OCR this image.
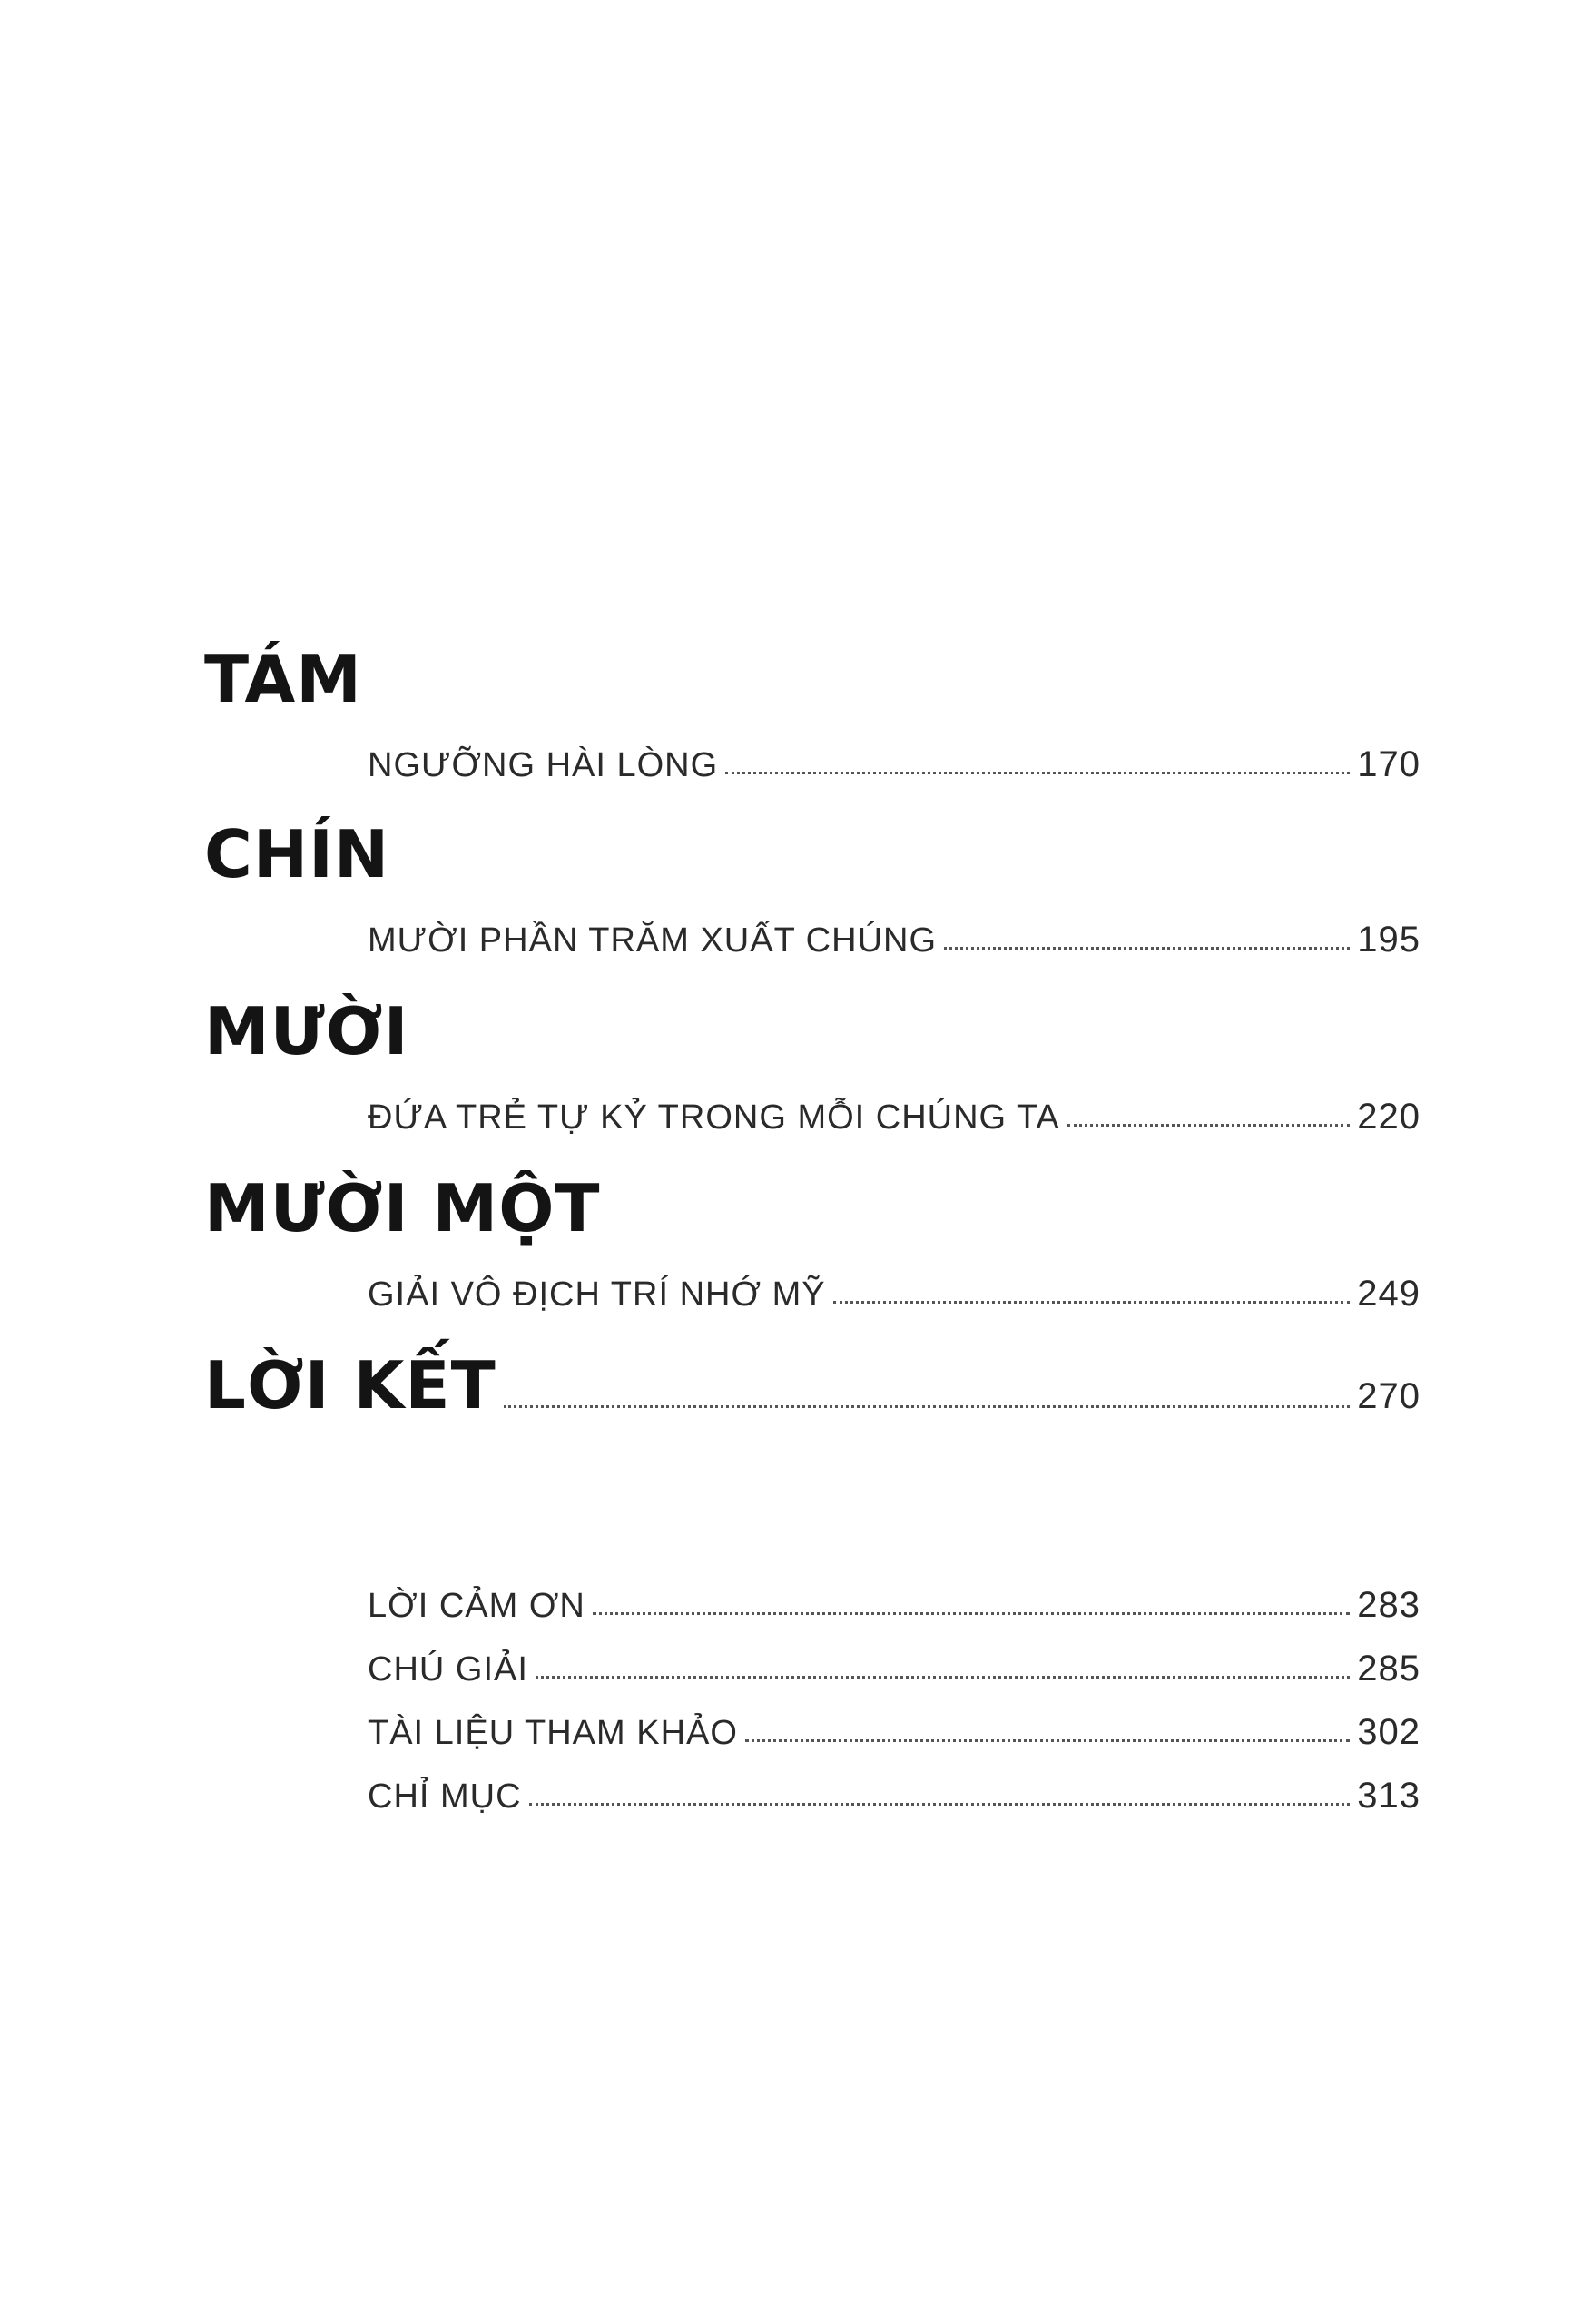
TÁM
NGƯỠNG HÀI LÒNG	170
CHÍN
MƯỜI PHẦN TRĂM XUẤT CHÚNG	195
MƯỜI
ĐỨA TRẺ TỰ KỶ TRONG MỖI CHÚNG TA	220
MƯỜI MỘT
GIẢI VÔ ĐỊCH TRÍ NHỚ MỸ	249
LỜI KẾT	270
LỜI CẢM ƠN	283
CHÚ GIẢI	285
TÀI LIỆU THAM KHẢO	302
CHỈ MỤC	313
